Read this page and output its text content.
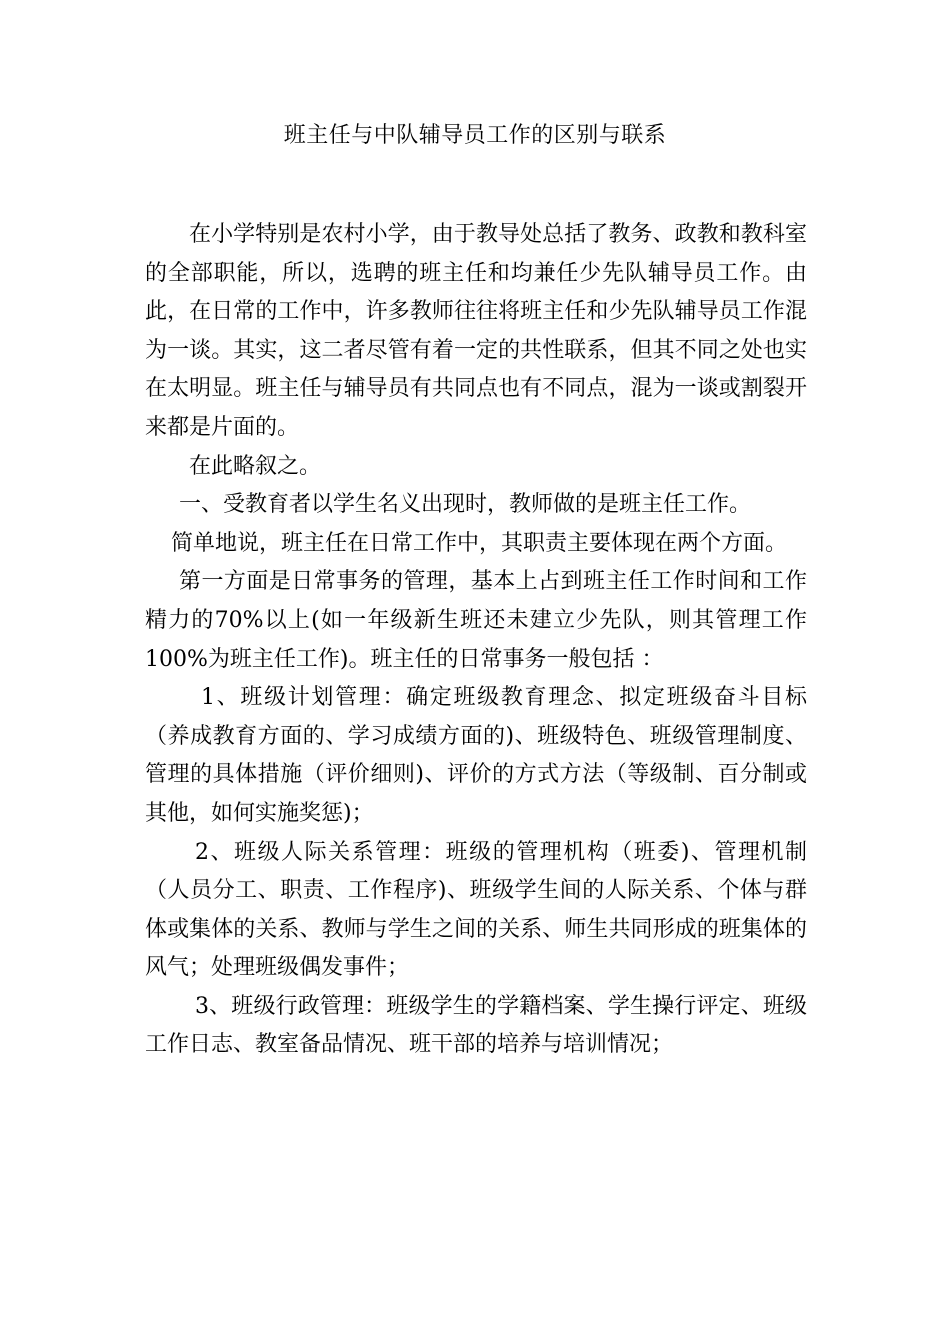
班主任与中队辅导员工作的区别与联系

在小学特别是农村小学，由于教导处总括了教务、政教和教科室的全部职能，所以，选聘的班主任和均兼任少先队辅导员工作。由此，在日常的工作中，许多教师往往将班主任和少先队辅导员工作混为一谈。其实，这二者尽管有着一定的共性联系，但其不同之处也实在太明显。班主任与辅导员有共同点也有不同点，混为一谈或割裂开来都是片面的。

在此略叙之。

一、受教育者以学生名义出现时，教师做的是班主任工作。

简单地说，班主任在日常工作中，其职责主要体现在两个方面。

第一方面是日常事务的管理，基本上占到班主任工作时间和工作精力的70%以上(如一年级新生班还未建立少先队，则其管理工作100%为班主任工作)。班主任的日常事务一般包括 ：

1、班级计划管理：确定班级教育理念、拟定班级奋斗目标（养成教育方面的、学习成绩方面的)、班级特色、班级管理制度、管理的具体措施（评价细则)、评价的方式方法（等级制、百分制或其他，如何实施奖惩)；

2、班级人际关系管理：班级的管理机构（班委)、管理机制（人员分工、职责、工作程序)、班级学生间的人际关系、个体与群体或集体的关系、教师与学生之间的关系、师生共同形成的班集体的风气；处理班级偶发事件；

3、班级行政管理：班级学生的学籍档案、学生操行评定、班级工作日志、教室备品情况、班干部的培养与培训情况；
